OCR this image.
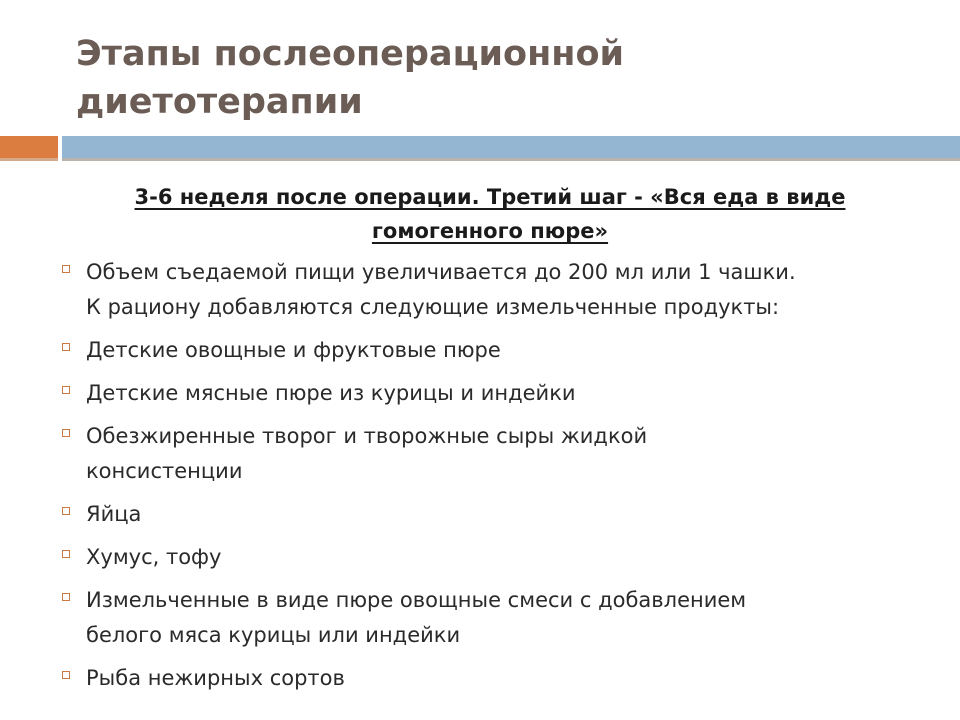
Этапы послеоперационной
диетотерапии

3-6 неделя после операции. Третий шаг - «Вся еда в виде
гомогенного пюре»

Объем съедаемой пищи увеличивается до 200 мл или 1 чашки.
К рациону добавляются следующие измельченные продукты:
Детские овощные и фруктовые пюре
Детские мясные пюре из курицы и индейки
Обезжиренные творог и творожные сыры жидкой
консистенции
Яйца
Хумус, тофу
Измельченные в виде пюре овощные смеси с добавлением
белого мяса курицы или индейки
Рыба нежирных сортов
